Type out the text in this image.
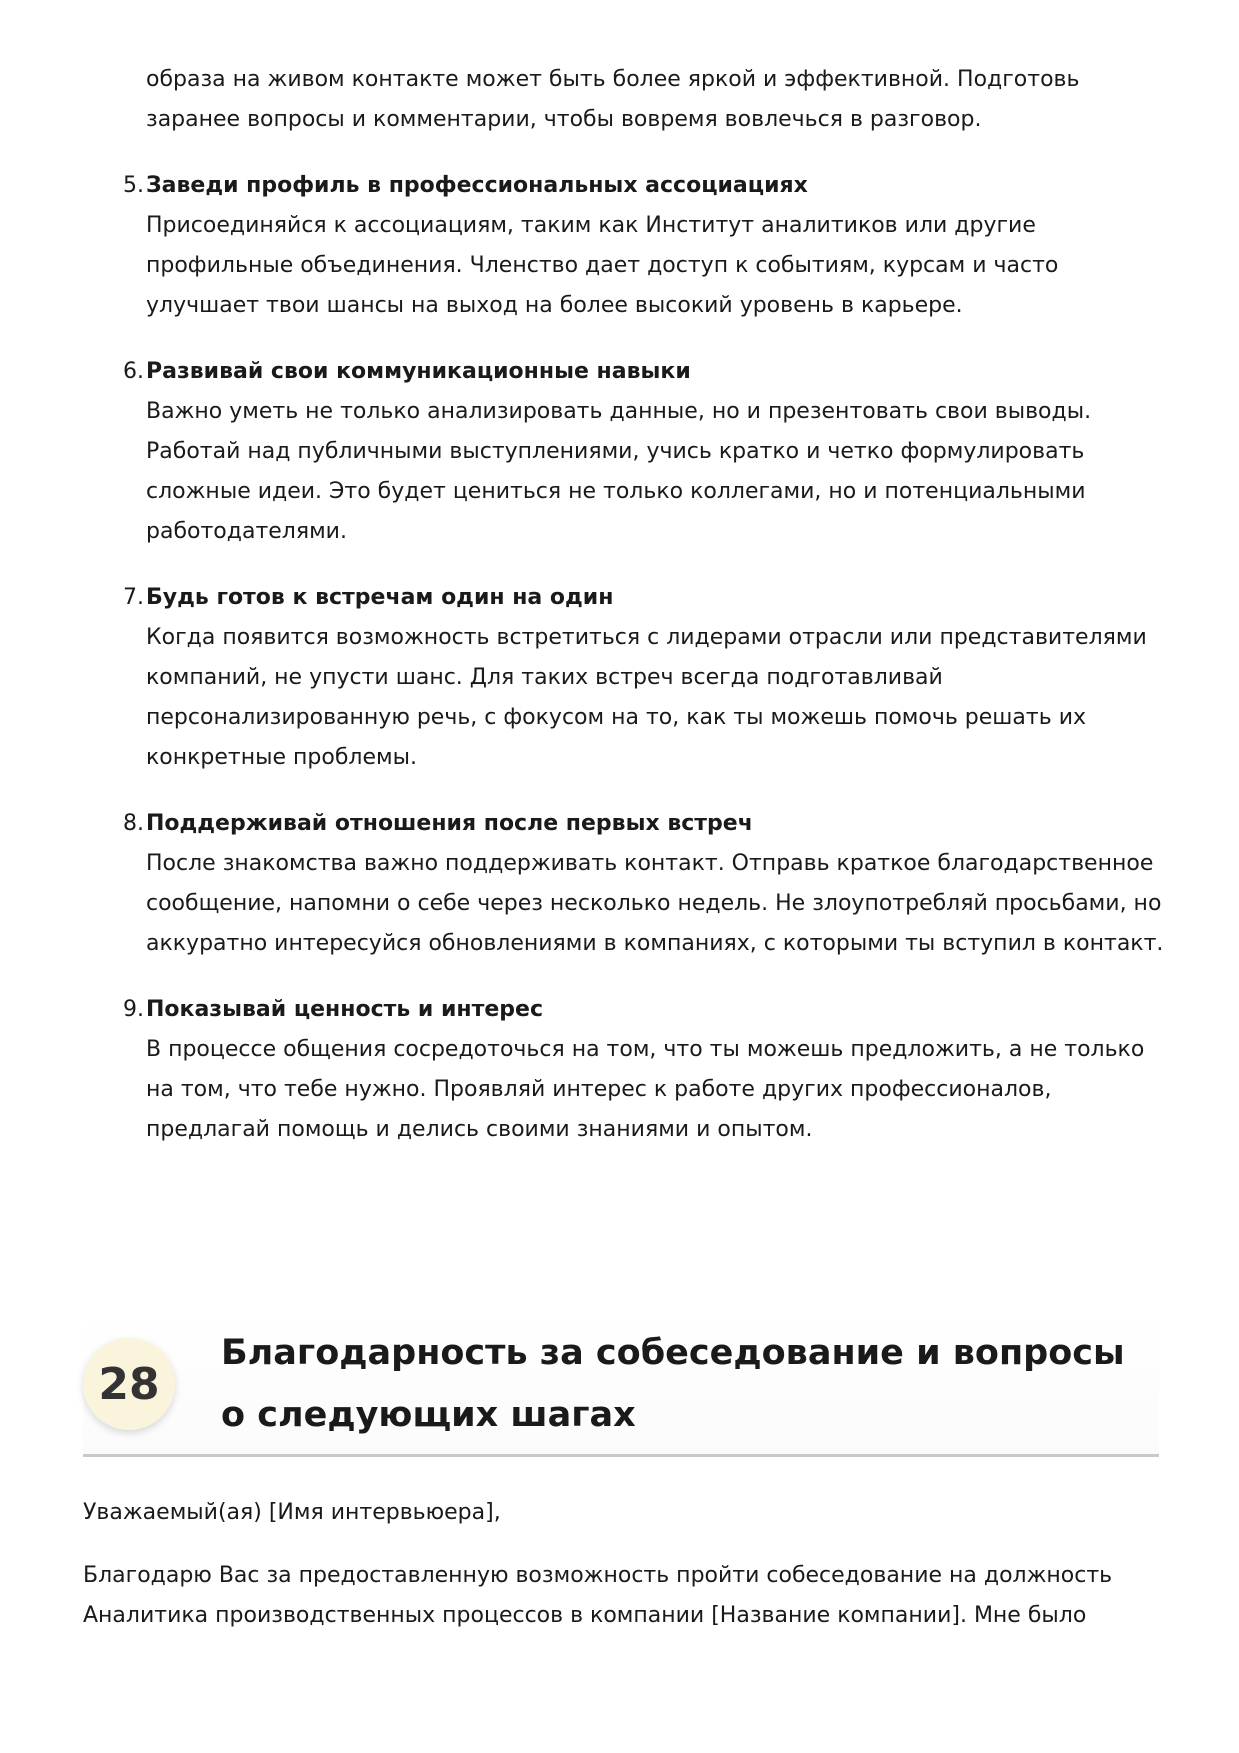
образа на живом контакте может быть более яркой и эффективной. Подготовь заранее вопросы и комментарии, чтобы вовремя вовлечься в разговор.

5. Заведи профиль в профессиональных ассоциациях
Присоединяйся к ассоциациям, таким как Институт аналитиков или другие профильные объединения. Членство дает доступ к событиям, курсам и часто улучшает твои шансы на выход на более высокий уровень в карьере.
6. Развивай свои коммуникационные навыки
Важно уметь не только анализировать данные, но и презентовать свои выводы. Работай над публичными выступлениями, учись кратко и четко формулировать сложные идеи. Это будет цениться не только коллегами, но и потенциальными работодателями.
7. Будь готов к встречам один на один
Когда появится возможность встретиться с лидерами отрасли или представителями компаний, не упусти шанс. Для таких встреч всегда подготавливай персонализированную речь, с фокусом на то, как ты можешь помочь решать их конкретные проблемы.
8. Поддерживай отношения после первых встреч
После знакомства важно поддерживать контакт. Отправь краткое благодарственное сообщение, напомни о себе через несколько недель. Не злоупотребляй просьбами, но аккуратно интересуйся обновлениями в компаниях, с которыми ты вступил в контакт.
9. Показывай ценность и интерес
В процессе общения сосредоточься на том, что ты можешь предложить, а не только на том, что тебе нужно. Проявляй интерес к работе других профессионалов, предлагай помощь и делись своими знаниями и опытом.
28
Благодарность за собеседование и вопросы о следующих шагах

Уважаемый(ая) [Имя интервьюера],

Благодарю Вас за предоставленную возможность пройти собеседование на должность Аналитика производственных процессов в компании [Название компании]. Мне было
